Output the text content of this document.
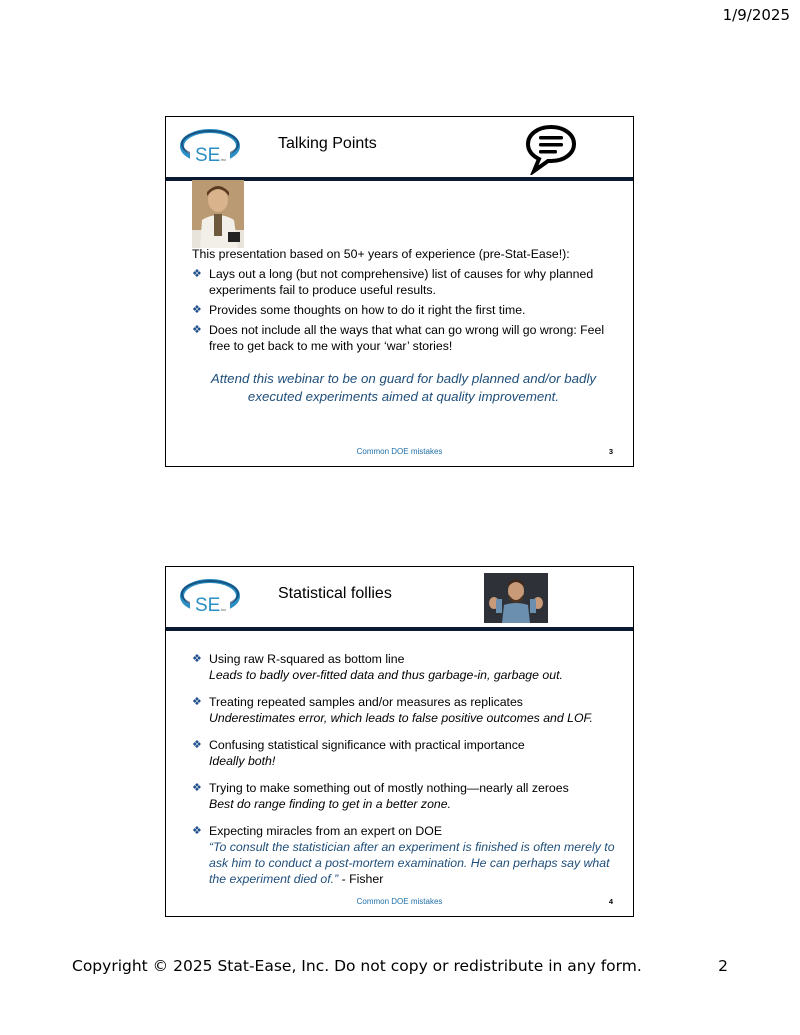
1/9/2025
SE inc
Talking Points
This presentation based on 50+ years of experience (pre-Stat-Ease!):
❖ Lays out a long (but not comprehensive) list of causes for why planned experiments fail to produce useful results.
❖ Provides some thoughts on how to do it right the first time.
❖ Does not include all the ways that what can go wrong will go wrong: Feel free to get back to me with your ‘war’ stories!
Attend this webinar to be on guard for badly planned and/or badly executed experiments aimed at quality improvement.
Common DOE mistakes	3
SE inc
Statistical follies
❖ Using raw R-squared as bottom line
Leads to badly over-fitted data and thus garbage-in, garbage out.
❖ Treating repeated samples and/or measures as replicates
Underestimates error, which leads to false positive outcomes and LOF.
❖ Confusing statistical significance with practical importance
Ideally both!
❖ Trying to make something out of mostly nothing—nearly all zeroes
Best do range finding to get in a better zone.
❖ Expecting miracles from an expert on DOE
“To consult the statistician after an experiment is finished is often merely to ask him to conduct a post-mortem examination. He can perhaps say what the experiment died of.” - Fisher
Common DOE mistakes	4
Copyright © 2025 Stat-Ease, Inc. Do not copy or redistribute in any form.	2
